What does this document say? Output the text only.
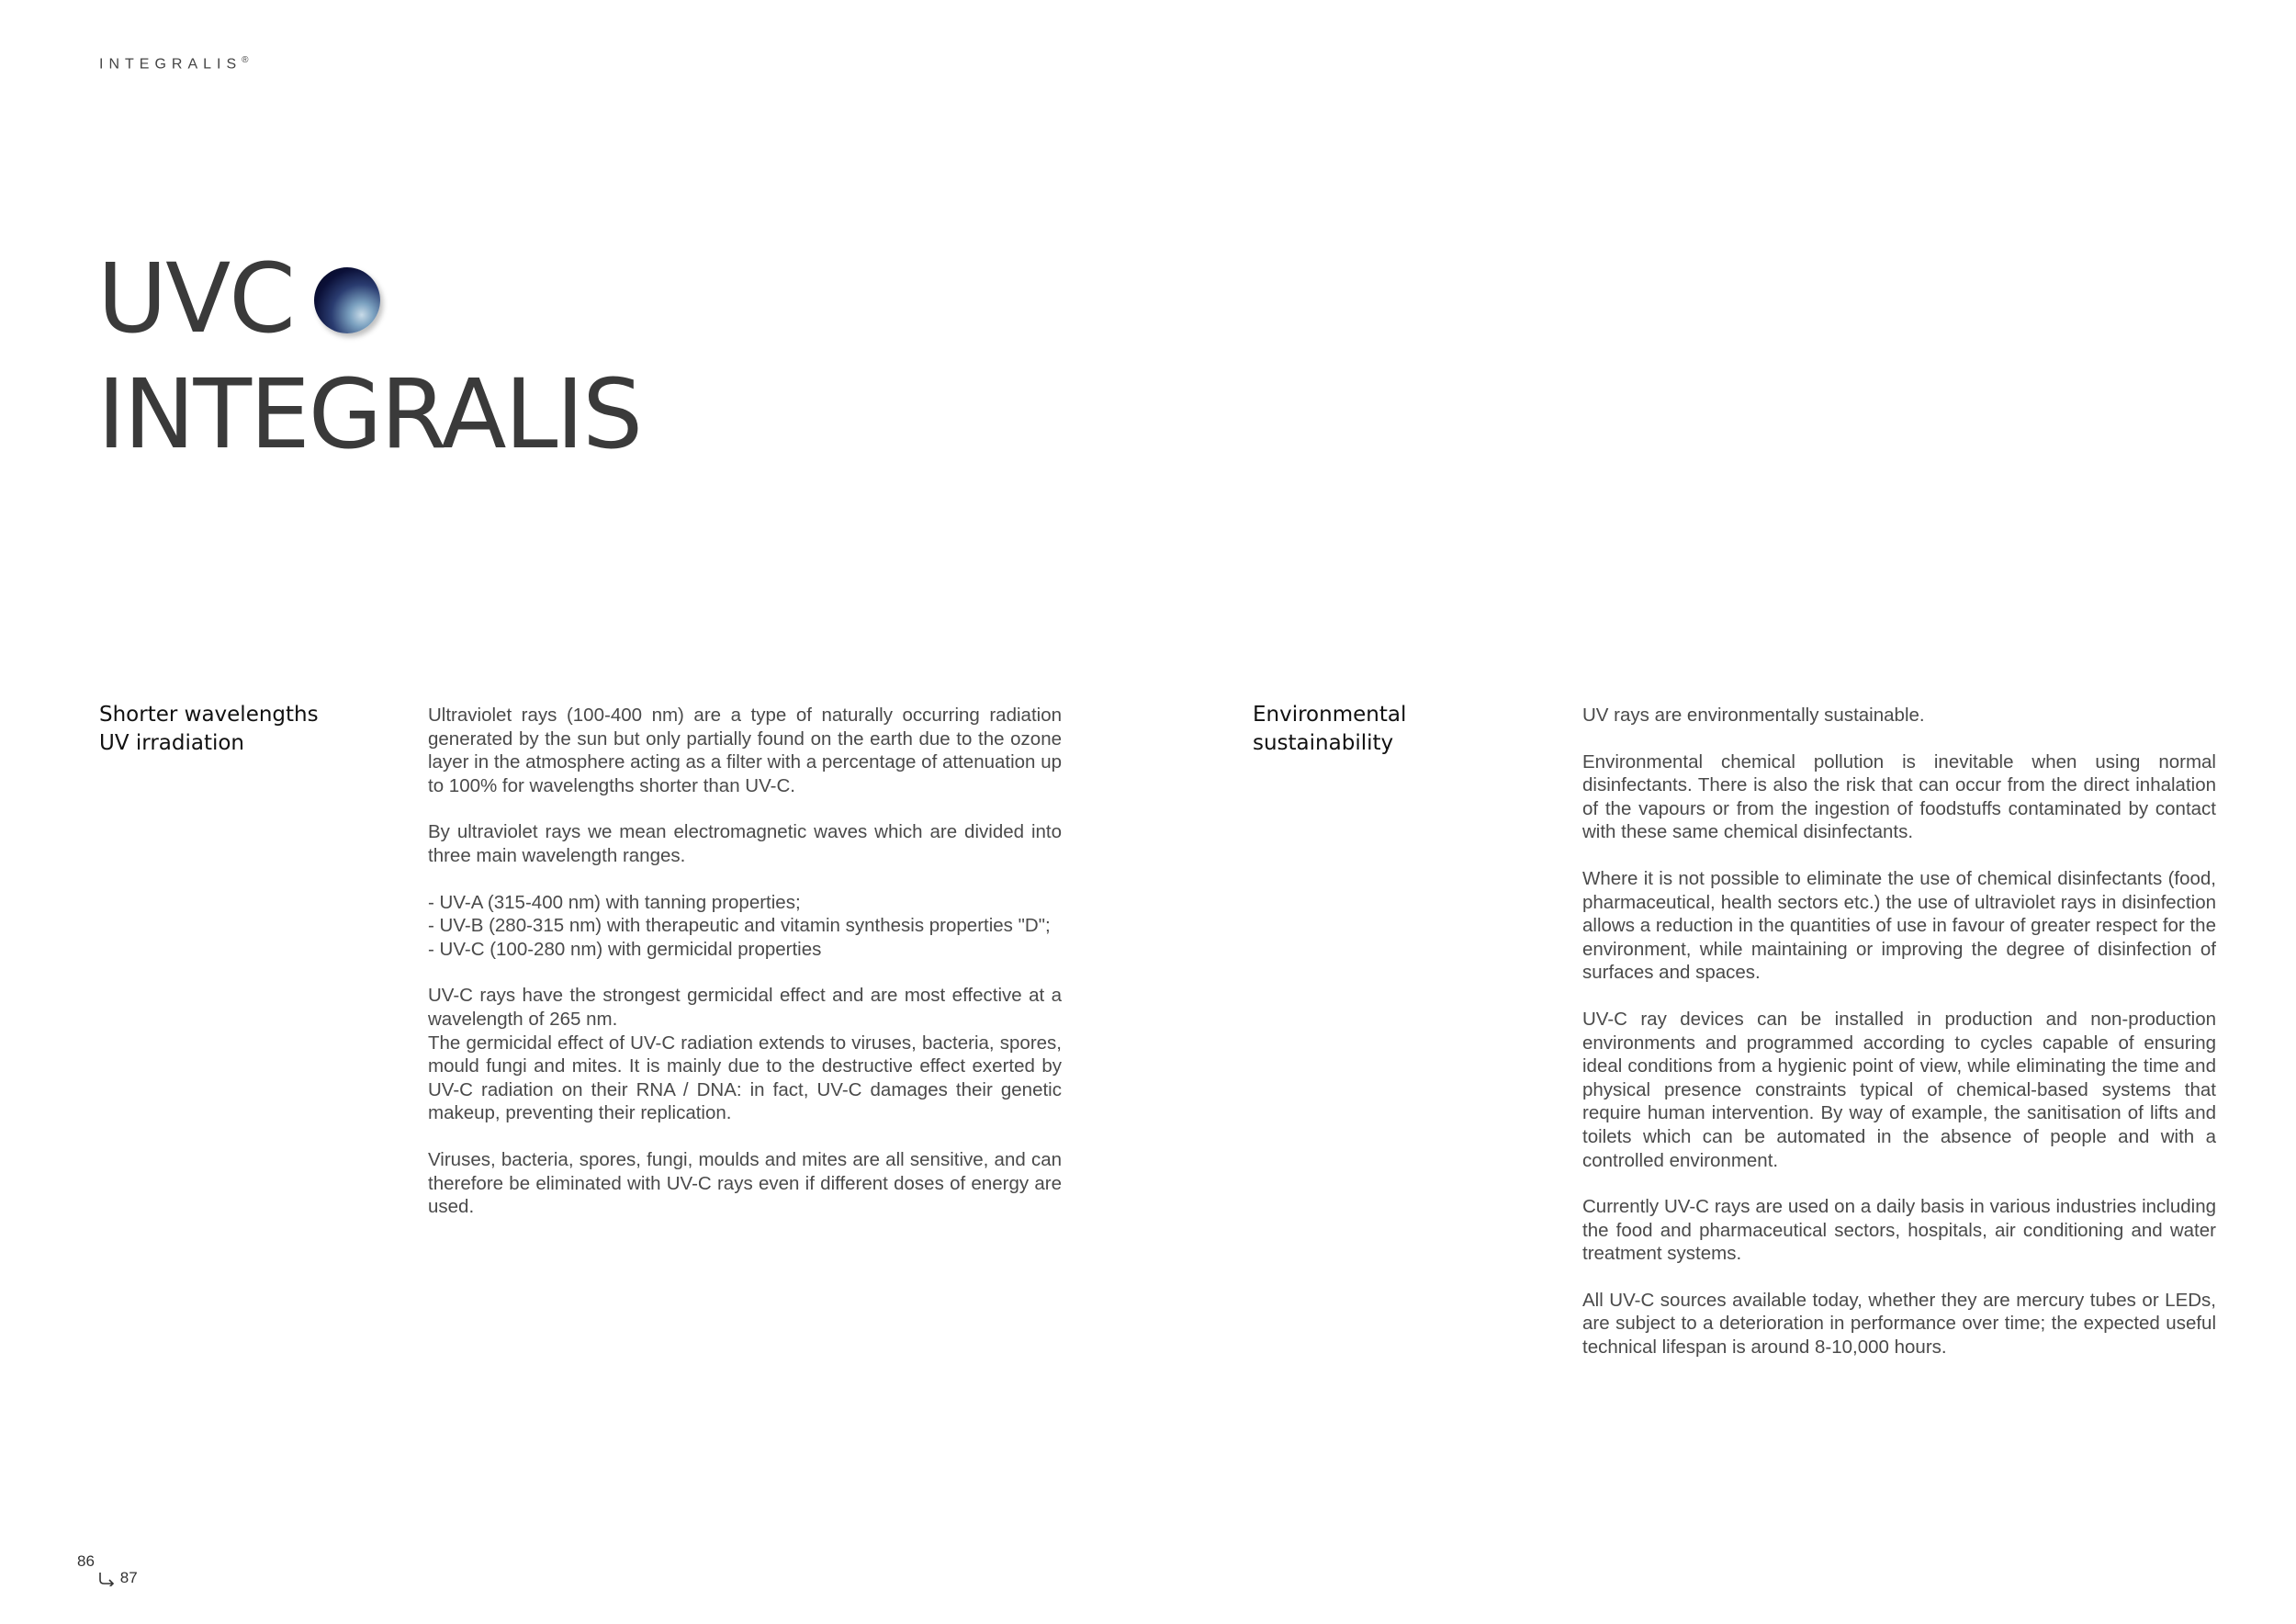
INTEGRALIS®
UVC
INTEGRALIS
Shorter wavelengths
UV irradiation

Ultraviolet rays (100-400 nm) are a type of naturally occurring radiation generated by the sun but only partially found on the earth due to the ozone layer in the atmosphere acting as a filter with a percentage of attenuation up to 100% for wavelengths shorter than UV-C.

By ultraviolet rays we mean electromagnetic waves which are divided into three main wavelength ranges.

- UV-A (315-400 nm) with tanning properties;
- UV-B (280-315 nm) with therapeutic and vitamin synthesis properties "D";
- UV-C (100-280 nm) with germicidal properties

UV-C rays have the strongest germicidal effect and are most effective at a wavelength of 265 nm.

The germicidal effect of UV-C radiation extends to viruses, bacteria, spores, mould fungi and mites. It is mainly due to the destructive effect exerted by UV-C radiation on their RNA / DNA: in fact, UV-C damages their genetic makeup, preventing their replication.

Viruses, bacteria, spores, fungi, moulds and mites are all sensitive, and can therefore be eliminated with UV-C rays even if different doses of energy are used.

Environmental
sustainability

UV rays are environmentally sustainable.

Environmental chemical pollution is inevitable when using normal disinfectants. There is also the risk that can occur from the direct inhalation of the vapours or from the ingestion of foodstuffs contaminated by contact with these same chemical disinfectants.

Where it is not possible to eliminate the use of chemical disinfectants (food, pharmaceutical, health sectors etc.) the use of ultraviolet rays in disinfection allows a reduction in the quantities of use in favour of greater respect for the environment, while maintaining or improving the degree of disinfection of surfaces and spaces.

UV-C ray devices can be installed in production and non-production environments and programmed according to cycles capable of ensuring ideal conditions from a hygienic point of view, while eliminating the time and physical presence constraints typical of chemical-based systems that require human intervention. By way of example, the sanitisation of lifts and toilets which can be automated in the absence of people and with a controlled environment.

Currently UV-C rays are used on a daily basis in various industries including the food and pharmaceutical sectors, hospitals, air conditioning and water treatment systems.

All UV-C sources available today, whether they are mercury tubes or LEDs, are subject to a deterioration in performance over time; the expected useful technical lifespan is around 8-10,000 hours.

86
87
